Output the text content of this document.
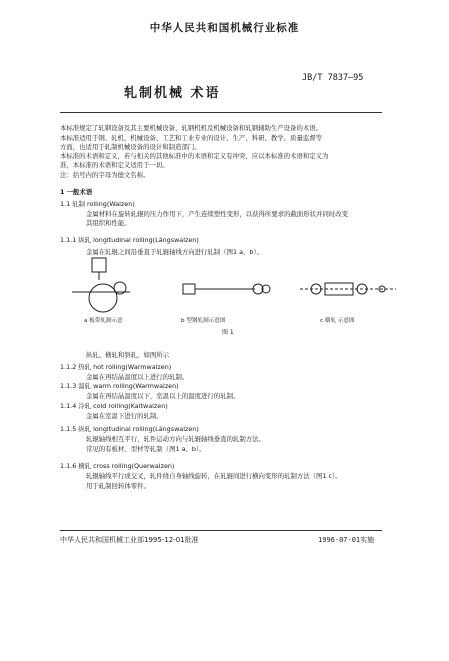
中华人民共和国机械行业标准
JB/T 7837—95
轧制机械 术语
本标准规定了轧钢设备及其主要机械设备、轧钢机机及机械设备和轧钢辅助生产设备的术语。
本标准适用于钢、轧机、机械设备、工艺和工业专业的设计、生产、科研、教学、质量监督等
方面，也适用于轧制机械设备的设计和制造部门。
本标准的术语和定义，若与相关的其他标准中的术语和定义有冲突，应以本标准的术语和定义为
准，本标准的术语和定义适用于一切。
注：括号内的字母为德文名称。
1 一般术语
1.1 轧制 rolling(Walzen)
金属材料在旋转轧辊的压力作用下，产生连续塑性变形，以获得所要求的截面形状并同时改变
其组织和性能。
1.1.1 纵轧 longitudinal rolling(Längswalzen)
金属在轧辊之间沿垂直于轧辊轴线方向进行轧制（图1 a、b）。
a 板带轧制示意	b 型钢轧制示意图	c 横轧 示意图
图 1
纵轧、横轧和斜轧，如图所示
1.1.2 热轧 hot rolling(Warmwalzen)
金属在再结晶温度以上进行的轧制。
1.1.3 温轧 warm rolling(Warmwalzen)
金属在再结晶温度以下，室温以上的温度进行的轧制。
1.1.4 冷轧 cold rolling(Kaltwalzen)
金属在室温下进行的轧制。
1.1.5 纵轧 longitudinal rolling(Längswalzen)
轧辊轴线相互平行，轧件运动方向与轧辊轴线垂直的轧制方法。
常见的有板材、型材等轧制（图1 a、b）。
1.1.6 横轧 cross rolling(Querwalzen)
轧辊轴线平行或交叉，轧件绕自身轴线旋转，在轧辊间进行横向变形的轧制方法（图1 c）。
用于轧制回转体零件。
中华人民共和国机械工业部1995-12-01批准	1996-07-01实施
